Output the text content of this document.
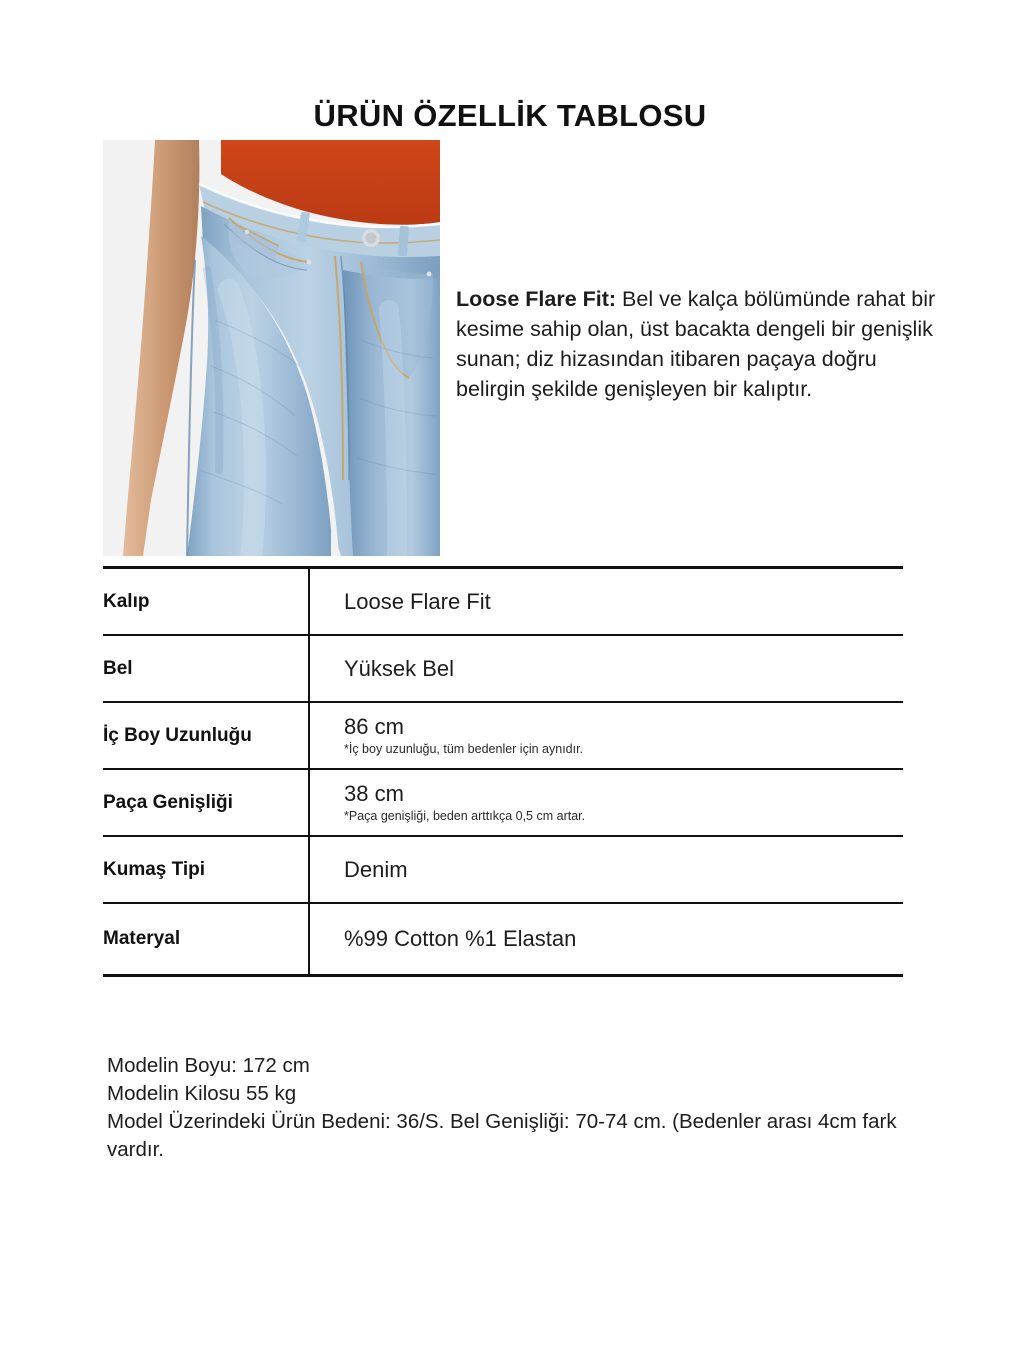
ÜRÜN ÖZELLİK TABLOSU

Loose Flare Fit: Bel ve kalça bölümünde rahat bir kesime sahip olan, üst bacakta dengeli bir genişlik sunan; diz hizasından itibaren paçaya doğru belirgin şekilde genişleyen bir kalıptır.

Kalıp	Loose Flare Fit
Bel	Yüksek Bel
İç Boy Uzunluğu	86 cm
*İç boy uzunluğu, tüm bedenler için aynıdır.
Paça Genişliği	38 cm
*Paça genişliği, beden arttıkça 0,5 cm artar.
Kumaş Tipi	Denim
Materyal	%99 Cotton %1 Elastan
Modelin Boyu: 172 cm
Modelin Kilosu 55 kg
Model Üzerindeki Ürün Bedeni: 36/S. Bel Genişliği: 70-74 cm. (Bedenler arası 4cm fark vardır.
